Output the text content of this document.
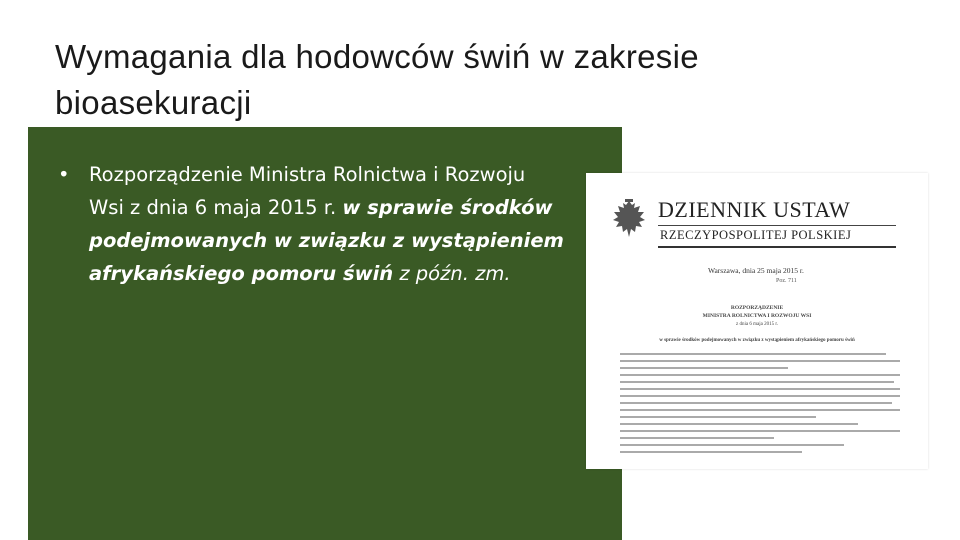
Wymagania dla hodowców świń w zakresie
bioasekuracji
• Rozporządzenie Ministra Rolnictwa i Rozwoju
Wsi z dnia 6 maja 2015 r. w sprawie środków
podejmowanych w związku z wystąpieniem
afrykańskiego pomoru świń z późn. zm.
DZIENNIK USTAW
RZECZYPOSPOLITEJ POLSKIEJ
Warszawa, dnia 25 maja 2015 r.
Poz. 711
ROZPORZĄDZENIE
MINISTRA ROLNICTWA I ROZWOJU WSI
z dnia 6 maja 2015 r.
w sprawie środków podejmowanych w związku z wystąpieniem afrykańskiego pomoru świń
